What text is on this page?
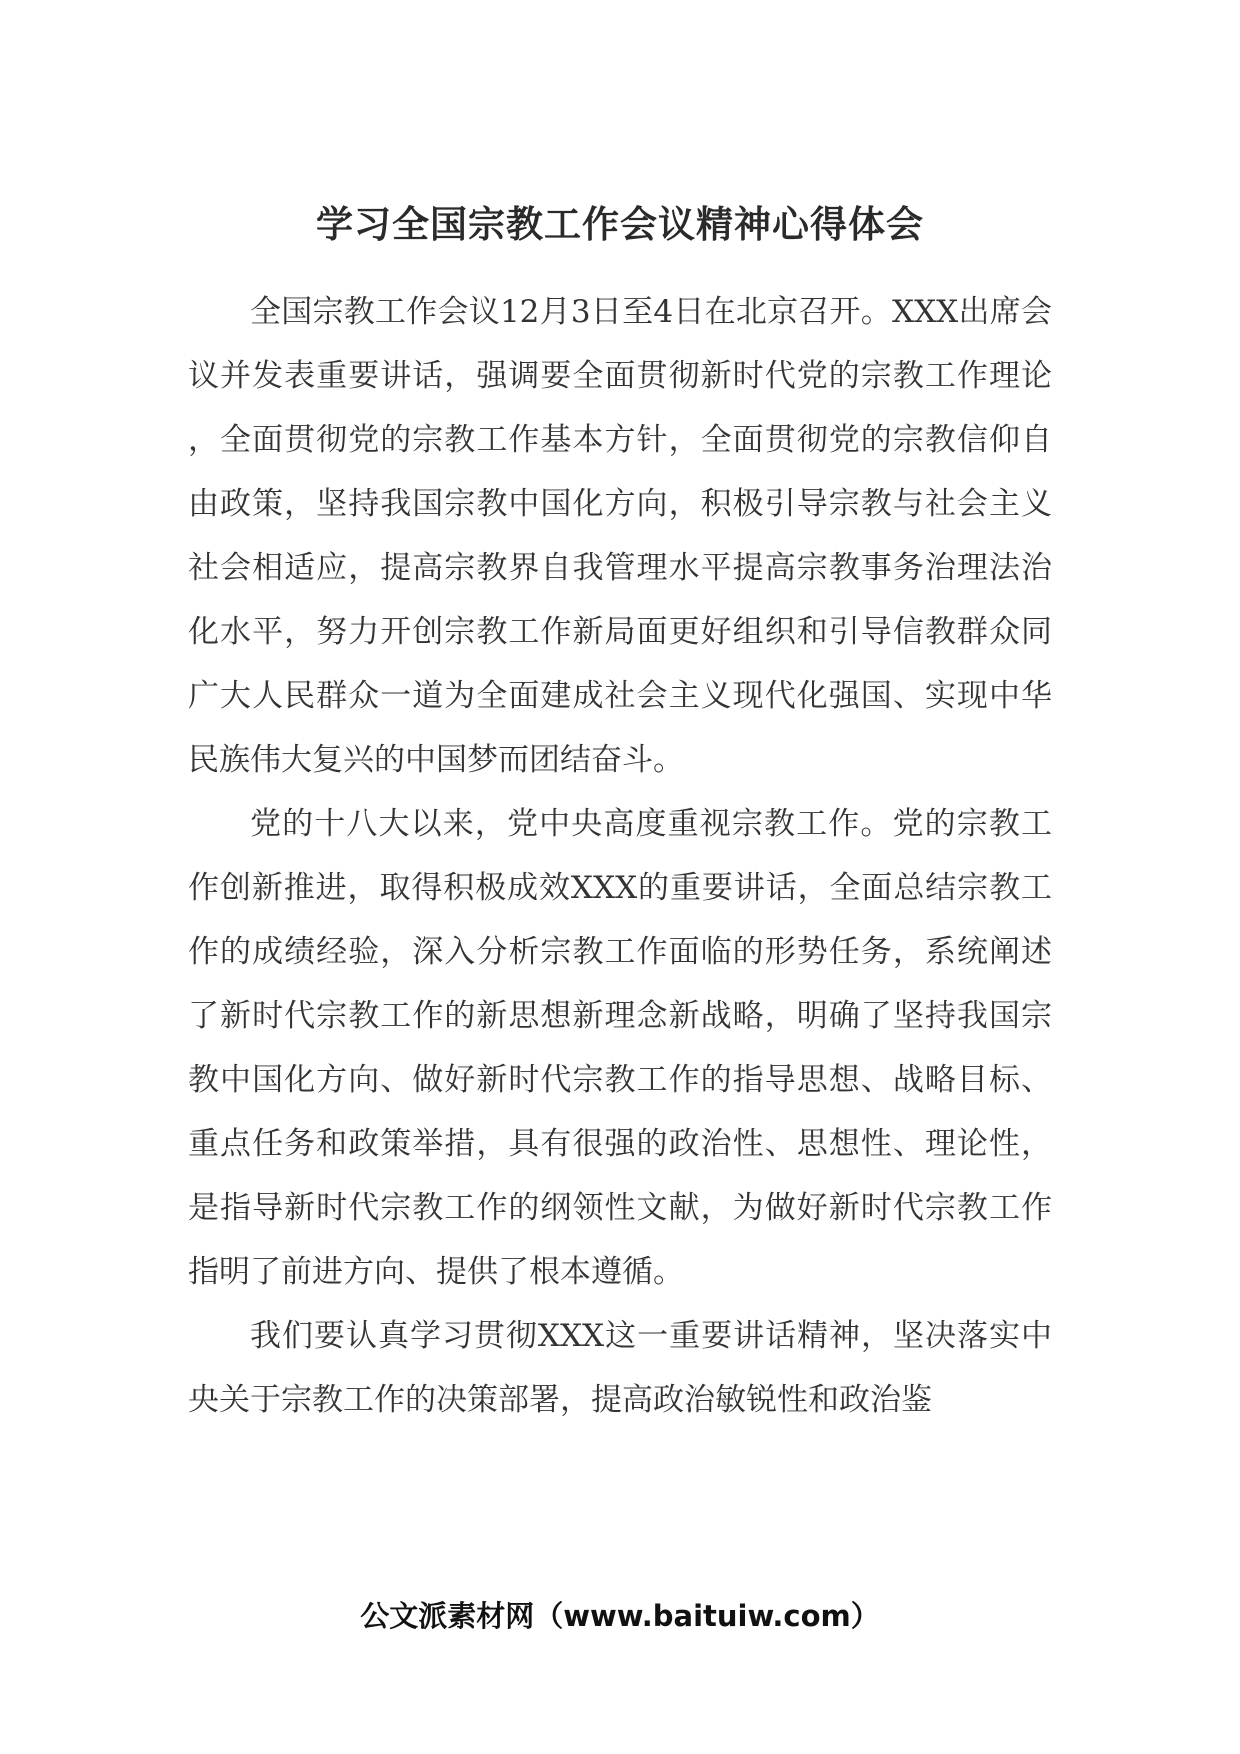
学习全国宗教工作会议精神心得体会

全国宗教工作会议12月3日至4日在北京召开。XXX出席会议并发表重要讲话，强调要全面贯彻新时代党的宗教工作理论，全面贯彻党的宗教工作基本方针，全面贯彻党的宗教信仰自由政策，坚持我国宗教中国化方向，积极引导宗教与社会主义社会相适应，提高宗教界自我管理水平提高宗教事务治理法治化水平，努力开创宗教工作新局面更好组织和引导信教群众同广大人民群众一道为全面建成社会主义现代化强国、实现中华民族伟大复兴的中国梦而团结奋斗。

党的十八大以来，党中央高度重视宗教工作。党的宗教工作创新推进，取得积极成效XXX的重要讲话，全面总结宗教工作的成绩经验，深入分析宗教工作面临的形势任务，系统阐述了新时代宗教工作的新思想新理念新战略，明确了坚持我国宗教中国化方向、做好新时代宗教工作的指导思想、战略目标、重点任务和政策举措，具有很强的政治性、思想性、理论性，是指导新时代宗教工作的纲领性文献，为做好新时代宗教工作指明了前进方向、提供了根本遵循。

我们要认真学习贯彻XXX这一重要讲话精神，坚决落实中央关于宗教工作的决策部署，提高政治敏锐性和政治鉴

公文派素材网（www.baituiw.com）
